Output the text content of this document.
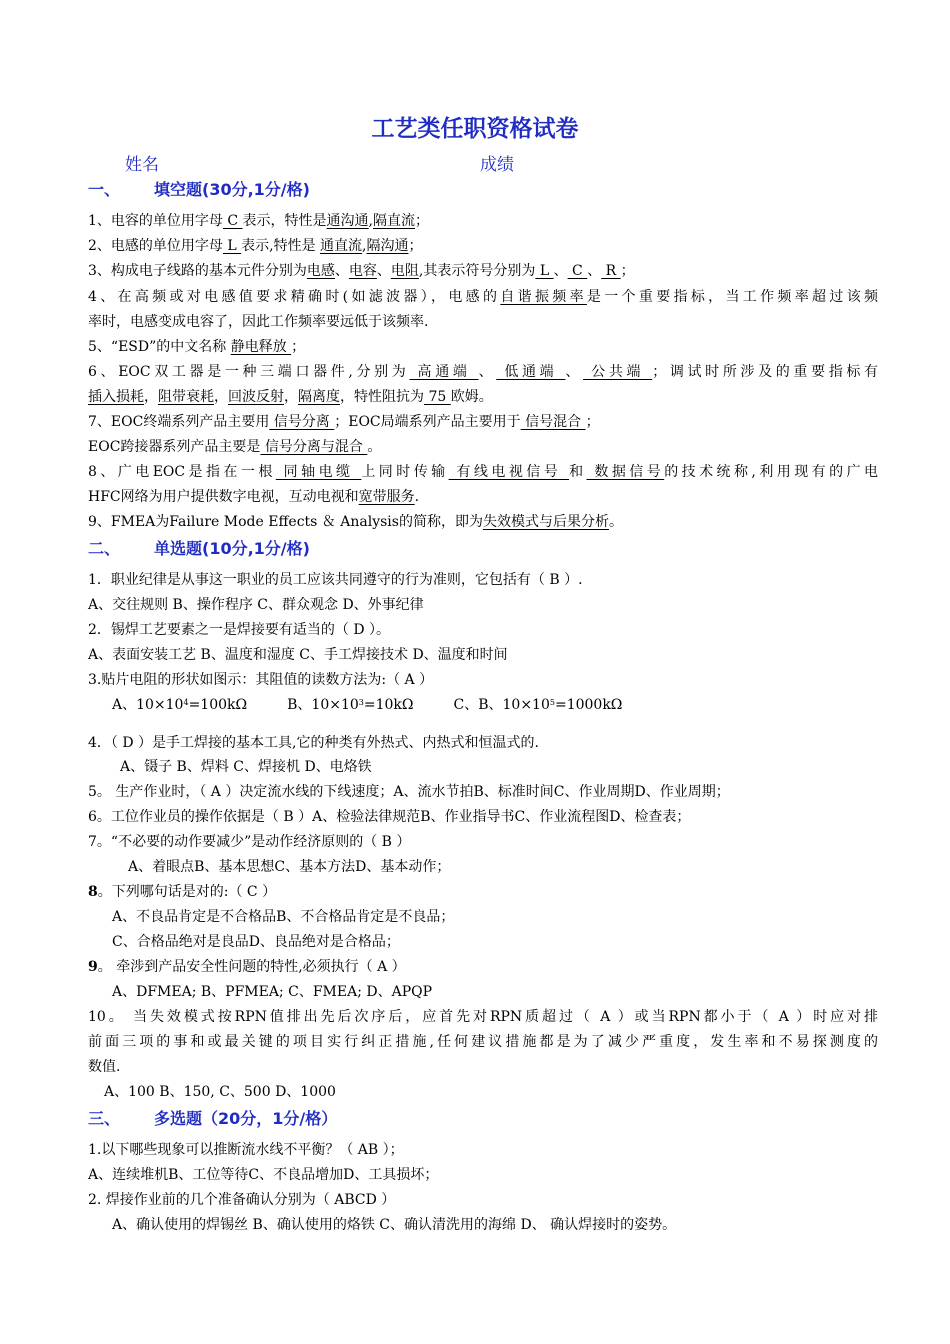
工艺类任职资格试卷
姓名	成绩
一、 填空题(30分,1分/格)
1、电容的单位用字母 C 表示，特性是通沟通,隔直流；
2、电感的单位用字母 L 表示,特性是 通直流,隔沟通；
3、构成电子线路的基本元件分别为电感、电容、电阻,其表示符号分别为 L 、 C 、 R ；
4、在高频或对电感值要求精确时(如滤波器），电感的自谐振频率是一个重要指标，当工作频率超过该频
率时，电感变成电容了，因此工作频率要远低于该频率.
5、“ESD”的中文名称 静电释放 ；
6、EOC双工器是一种三端口器件,分别为 高通端 、 低通端 、 公共端 ；调试时所涉及的重要指标有
插入损耗，阻带衰耗，回波反射，隔离度，特性阻抗为 75 欧姆。
7、EOC终端系列产品主要用 信号分离 ；EOC局端系列产品主要用于 信号混合 ；
EOC跨接器系列产品主要是 信号分离与混合 。
8、广电EOC是指在一根 同轴电缆 上同时传输 有线电视信号 和 数据信号的技术统称,利用现有的广电
HFC网络为用户提供数字电视，互动电视和宽带服务.
9、FMEA为Failure Mode Effects ＆ Analysis的简称，即为失效模式与后果分析。
二、 单选题(10分,1分/格)
1．职业纪律是从事这一职业的员工应该共同遵守的行为准则，它包括有（ B ）.
A、交往规则 B、操作程序 C、群众观念 D、外事纪律
2．锡焊工艺要素之一是焊接要有适当的（ D ）。
A、表面安装工艺 B、温度和湿度 C、手工焊接技术 D、温度和时间
3.贴片电阻的形状如图示：其阻值的读数方法为:（ A ）
A、$10\times 10^4=100k\Omega$	B、$10\times 10^3=10k\Omega$	C、B、$10\times 10^5=1000k\Omega$
4．（ D ）是手工焊接的基本工具,它的种类有外热式、内热式和恒温式的.
A、镊子 B、焊料 C、焊接机 D、电烙铁
5。 生产作业时，（ A ）决定流水线的下线速度；A、流水节拍B、标准时间C、作业周期D、作业周期；
6。工位作业员的操作依据是（ B ）A、检验法律规范B、作业指导书C、作业流程图D、检查表；
7。“不必要的动作要减少”是动作经济原则的（ B ）
A、着眼点B、基本思想C、基本方法D、基本动作；
8。下列哪句话是对的:（ C ）
A、不良品肯定是不合格品B、不合格品肯定是不良品；
C、合格品绝对是良品D、良品绝对是合格品；
9。 牵涉到产品安全性问题的特性,必须执行（ A ）
A、DFMEA; B、PFMEA; C、FMEA; D、APQP
10。 当失效模式按RPN值排出先后次序后，应首先对RPN质超过（ A ）或当RPN都小于（ A ）时应对排
前面三项的事和或最关键的项目实行纠正措施,任何建议措施都是为了减少严重度，发生率和不易探测度的
数值.
A、100 B、150, C、500 D、1000
三、 多选题（20分，1分/格）
1.以下哪些现象可以推断流水线不平衡？（ AB ）；
A、连续堆机B、工位等待C、不良品增加D、工具损坏；
2. 焊接作业前的几个准备确认分别为（ ABCD ）
A、确认使用的焊锡丝 B、确认使用的烙铁 C、确认清洗用的海绵 D、 确认焊接时的姿势。
